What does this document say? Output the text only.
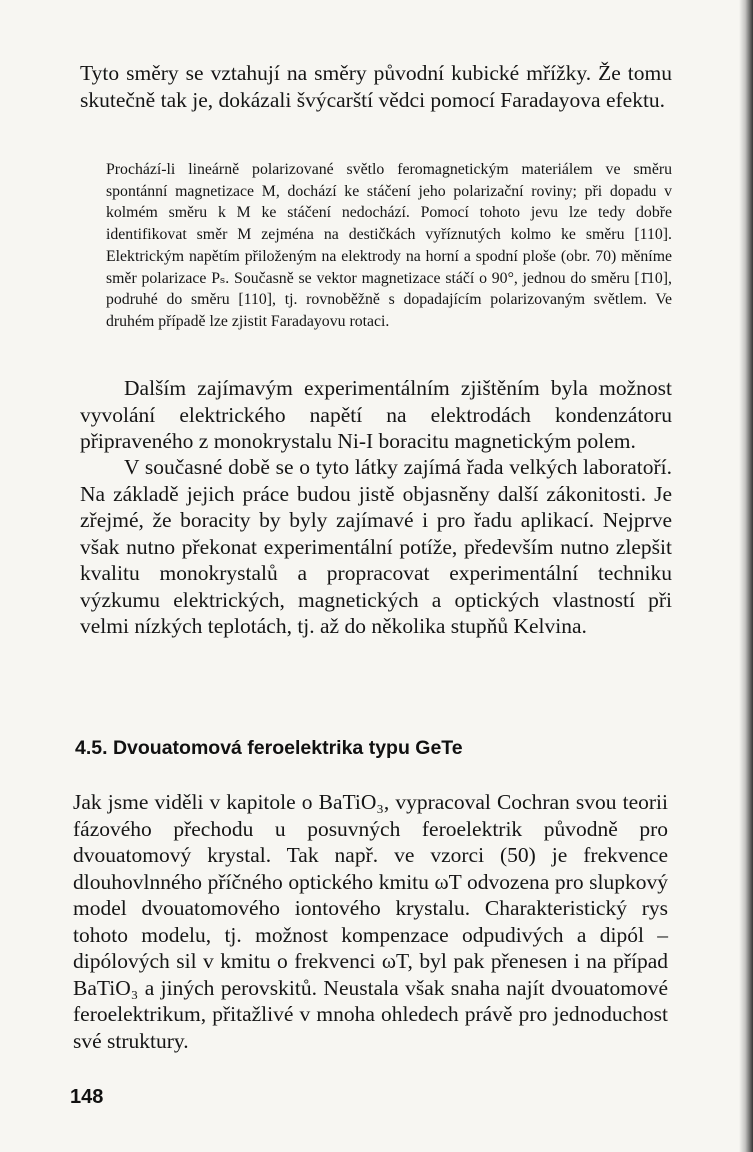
Tyto směry se vztahují na směry původní kubické mřížky. Že tomu skutečně tak je, dokázali švýcarští vědci pomocí Faradayova efektu.

Prochází-li lineárně polarizované světlo feromagnetickým materiálem ve směru spontánní magnetizace M, dochází ke stáčení jeho polarizační roviny; při dopadu v kolmém směru k M ke stáčení nedochází. Pomocí tohoto jevu lze tedy dobře identifikovat směr M zejména na destičkách vyříznutých kolmo ke směru [110]. Elektrickým napětím přiloženým na elektrody na horní a spodní ploše (obr. 70) měníme směr polarizace Pₛ. Současně se vektor magnetizace stáčí o 90°, jednou do směru [1̄10], podruhé do směru [110], tj. rovnoběžně s dopadajícím polarizovaným světlem. Ve druhém případě lze zjistit Faradayovu rotaci.

Dalším zajímavým experimentálním zjištěním byla možnost vyvolání elektrického napětí na elektrodách kondenzátoru připraveného z monokrystalu Ni-I boracitu magnetickým polem.

V současné době se o tyto látky zajímá řada velkých laboratoří. Na základě jejich práce budou jistě objasněny další zákonitosti. Je zřejmé, že boracity by byly zajímavé i pro řadu aplikací. Nejprve však nutno překonat experimentální potíže, především nutno zlepšit kvalitu monokrystalů a propracovat experimentální techniku výzkumu elektrických, magnetických a optických vlastností při velmi nízkých teplotách, tj. až do několika stupňů Kelvina.

4.5. Dvouatomová feroelektrika typu GeTe

Jak jsme viděli v kapitole o BaTiO₃, vypracoval Cochran svou teorii fázového přechodu u posuvných feroelektrik původně pro dvouatomový krystal. Tak např. ve vzorci (50) je frekvence dlouhovlnného příčného optického kmitu ωT odvozena pro slupkový model dvouatomového iontového krystalu. Charakteristický rys tohoto modelu, tj. možnost kompenzace odpudivých a dipól – dipólových sil v kmitu o frekvenci ωT, byl pak přenesen i na případ BaTiO₃ a jiných perovskitů. Neustala však snaha najít dvouatomové feroelektrikum, přitažlivé v mnoha ohledech právě pro jednoduchost své struktury.

148
